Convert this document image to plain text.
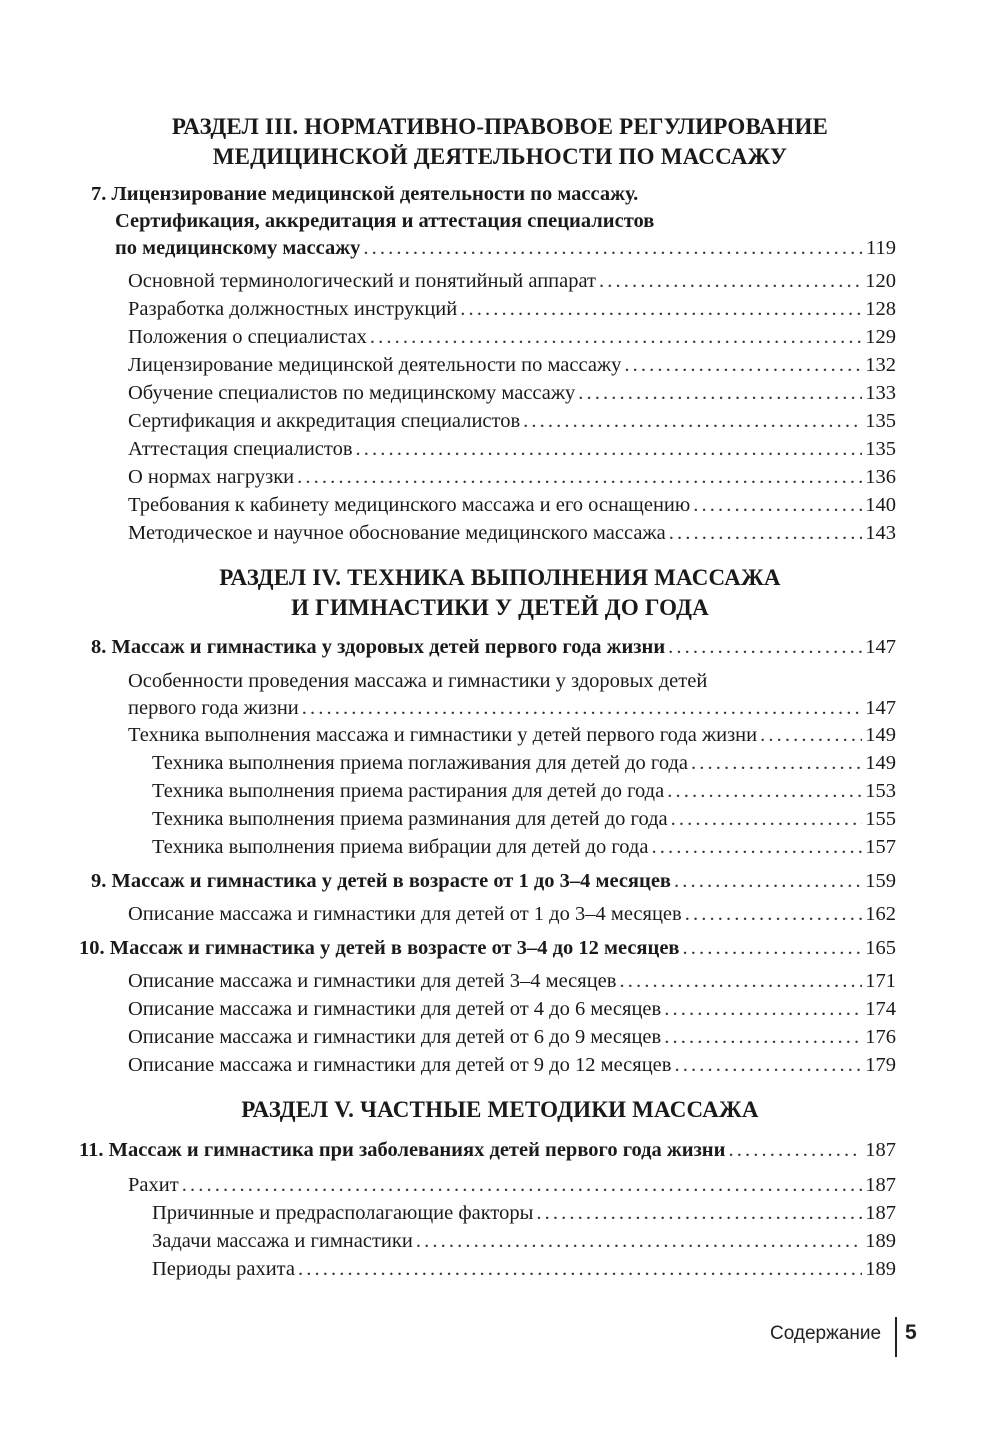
РАЗДЕЛ III. НОРМАТИВНО-ПРАВОВОЕ РЕГУЛИРОВАНИЕ
МЕДИЦИНСКОЙ ДЕЯТЕЛЬНОСТИ ПО МАССАЖУ
7. Лицензирование медицинской деятельности по массажу.
Сертификация, аккредитация и аттестация специалистов
по медицинскому массажу . . .	119
Основной терминологический и понятийный аппарат . . .	120
Разработка должностных инструкций . . .	128
Положения о специалистах . . .	129
Лицензирование медицинской деятельности по массажу . . .	132
Обучение специалистов по медицинскому массажу . . .	133
Сертификация и аккредитация специалистов . . .	135
Аттестация специалистов . . .	135
О нормах нагрузки . . .	136
Требования к кабинету медицинского массажа и его оснащению . . .	140
Методическое и научное обоснование медицинского массажа . . .	143
РАЗДЕЛ IV. ТЕХНИКА ВЫПОЛНЕНИЯ МАССАЖА
И ГИМНАСТИКИ У ДЕТЕЙ ДО ГОДА
8. Массаж и гимнастика у здоровых детей первого года жизни . . .	147
Особенности проведения массажа и гимнастики у здоровых детей
первого года жизни . . .	147
Техника выполнения массажа и гимнастики у детей первого года жизни . . .	149
Техника выполнения приема поглаживания для детей до года . . .	149
Техника выполнения приема растирания для детей до года . . .	153
Техника выполнения приема разминания для детей до года . . .	155
Техника выполнения приема вибрации для детей до года . . .	157
9. Массаж и гимнастика у детей в возрасте от 1 до 3–4 месяцев . . .	159
Описание массажа и гимнастики для детей от 1 до 3–4 месяцев . . .	162
10. Массаж и гимнастика у детей в возрасте от 3–4 до 12 месяцев . . .	165
Описание массажа и гимнастики для детей 3–4 месяцев . . .	171
Описание массажа и гимнастики для детей от 4 до 6 месяцев . . .	174
Описание массажа и гимнастики для детей от 6 до 9 месяцев . . .	176
Описание массажа и гимнастики для детей от 9 до 12 месяцев . . .	179
РАЗДЕЛ V. ЧАСТНЫЕ МЕТОДИКИ МАССАЖА
11. Массаж и гимнастика при заболеваниях детей первого года жизни . . .	187
Рахит . . .	187
Причинные и предрасполагающие факторы . . .	187
Задачи массажа и гимнастики . . .	189
Периоды рахита . . .	189
Содержание 5
